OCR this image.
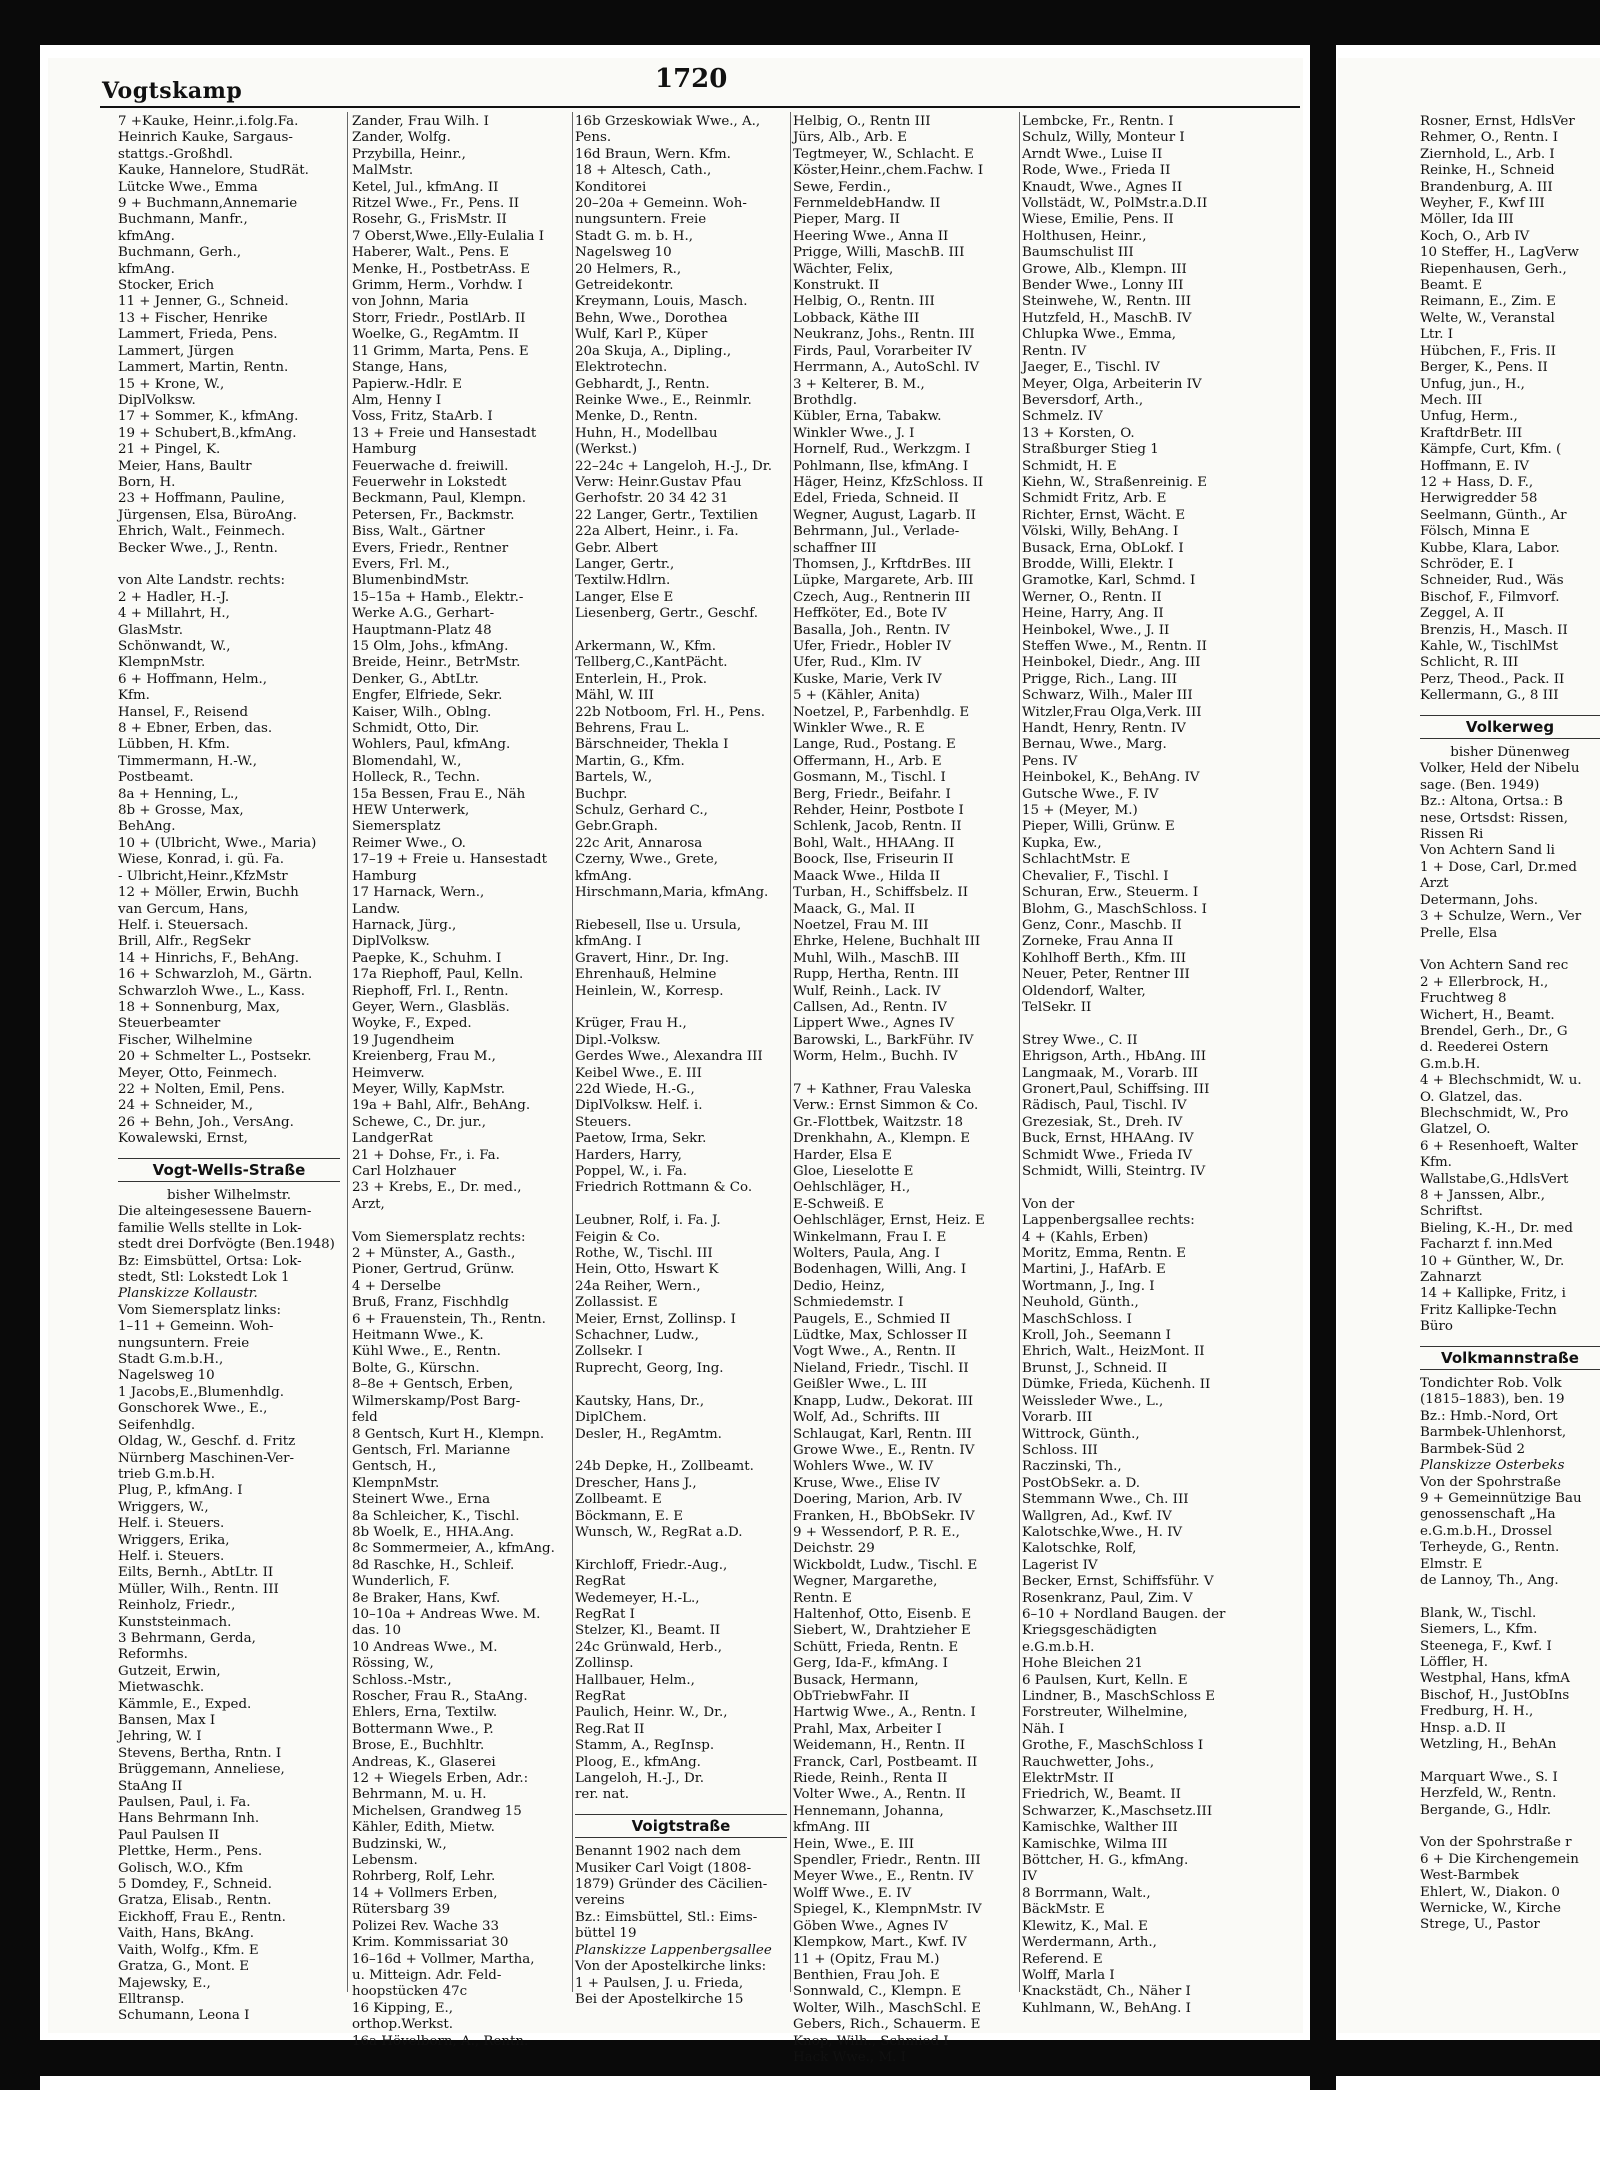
Vogtskamp	1720
7 +Kauke, Heinr.,i.folg.Fa.
Heinrich Kauke, Sargaus-
stattgs.-Großhdl.
Kauke, Hannelore, StudRät.
Lütcke Wwe., Emma
9 + Buchmann,Annemarie
Buchmann, Manfr.,
kfmAng.
Buchmann, Gerh.,
kfmAng.
Stocker, Erich
11 + Jenner, G., Schneid.
13 + Fischer, Henrike
Lammert, Frieda, Pens.
Lammert, Jürgen
Lammert, Martin, Rentn.
15 + Krone, W.,
DiplVolksw.
17 + Sommer, K., kfmAng.
19 + Schubert,B.,kfmAng.
21 + Pingel, K.
Meier, Hans, Baultr
Born, H.
23 + Hoffmann, Pauline,
Jürgensen, Elsa, BüroAng.
Ehrich, Walt., Feinmech.
Becker Wwe., J., Rentn.

von Alte Landstr. rechts:
2 + Hadler, H.-J.
4 + Millahrt, H.,
GlasMstr.
Schönwandt, W.,
KlempnMstr.
6 + Hoffmann, Helm.,
Kfm.
Hansel, F., Reisend
8 + Ebner, Erben, das.
Lübben, H. Kfm.
Timmermann, H.-W.,
Postbeamt.
8a + Henning, L.,
8b + Grosse, Max,
BehAng.
10 + (Ulbricht, Wwe., Maria)
Wiese, Konrad, i. gü. Fa.
- Ulbricht,Heinr.,KfzMstr
12 + Möller, Erwin, Buchh
van Gercum, Hans,
Helf. i. Steuersach.
Brill, Alfr., RegSekr
14 + Hinrichs, F., BehAng.
16 + Schwarzloh, M., Gärtn.
Schwarzloh Wwe., L., Kass.
18 + Sonnenburg, Max,
Steuerbeamter
Fischer, Wilhelmine
20 + Schmelter L., Postsekr.
Meyer, Otto, Feinmech.
22 + Nolten, Emil, Pens.
24 + Schneider, M.,
26 + Behn, Joh., VersAng.
Kowalewski, Ernst,
Vogt-Wells-Straße
bisher Wilhelmstr.
Die alteingesessene Bauern-
familie Wells stellte in Lok-
stedt drei Dorfvögte (Ben.1948)
Bz: Eimsbüttel, Ortsa: Lok-
stedt, Stl: Lokstedt Lok 1
Planskizze Kollaustr.
Vom Siemersplatz links:
1–11 + Gemeinn. Woh-
nungsuntern. Freie
Stadt G.m.b.H.,
Nagelsweg 10
1 Jacobs,E.,Blumenhdlg.
Gonschorek Wwe., E.,
Seifenhdlg.
Oldag, W., Geschf. d. Fritz
Nürnberg Maschinen-Ver-
trieb G.m.b.H.
Plug, P., kfmAng. I
Wriggers, W.,
Helf. i. Steuers.
Wriggers, Erika,
Helf. i. Steuers.
Eilts, Bernh., AbtLtr. II
Müller, Wilh., Rentn. III
Reinholz, Friedr.,
Kunststeinmach.
3 Behrmann, Gerda,
Reformhs.
Gutzeit, Erwin,
Mietwaschk.
Kämmle, E., Exped.
Bansen, Max I
Jehring, W. I
Stevens, Bertha, Rntn. I
Brüggemann, Anneliese,
StaAng II
Paulsen, Paul, i. Fa.
Hans Behrmann Inh.
Paul Paulsen II
Plettke, Herm., Pens.
Golisch, W.O., Kfm
5 Domdey, F., Schneid.
Gratza, Elisab., Rentn.
Eickhoff, Frau E., Rentn.
Vaith, Hans, BkAng.
Vaith, Wolfg., Kfm. E
Gratza, G., Mont. E
Majewsky, E.,
Elltransp.
Schumann, Leona I
Zander, Frau Wilh. I
Zander, Wolfg.
Przybilla, Heinr.,
MalMstr.
Ketel, Jul., kfmAng. II
Ritzel Wwe., Fr., Pens. II
Rosehr, G., FrisMstr. II
7 Oberst,Wwe.,Elly-Eulalia I
Haberer, Walt., Pens. E
Menke, H., PostbetrAss. E
Grimm, Herm., Vorhdw. I
von Johnn, Maria
Storr, Friedr., PostlArb. II
Woelke, G., RegAmtm. II
11 Grimm, Marta, Pens. E
Stange, Hans,
Papierw.-Hdlr. E
Alm, Henny I
Voss, Fritz, StaArb. I
13 + Freie und Hansestadt
Hamburg
Feuerwache d. freiwill.
Feuerwehr in Lokstedt
Beckmann, Paul, Klempn.
Petersen, Fr., Backmstr.
Biss, Walt., Gärtner
Evers, Friedr., Rentner
Evers, Frl. M.,
BlumenbindMstr.
15–15a + Hamb., Elektr.-
Werke A.G., Gerhart-
Hauptmann-Platz 48
15 Olm, Johs., kfmAng.
Breide, Heinr., BetrMstr.
Denker, G., AbtLtr.
Engfer, Elfriede, Sekr.
Kaiser, Wilh., Oblng.
Schmidt, Otto, Dir.
Wohlers, Paul, kfmAng.
Blomendahl, W.,
Holleck, R., Techn.
15a Bessen, Frau E., Näh
HEW Unterwerk,
Siemersplatz
Reimer Wwe., O.
17–19 + Freie u. Hansestadt
Hamburg
17 Harnack, Wern.,
Landw.
Harnack, Jürg.,
DiplVolksw.
Paepke, K., Schuhm. I
17a Riephoff, Paul, Kelln.
Riephoff, Frl. I., Rentn.
Geyer, Wern., Glasbläs.
Woyke, F., Exped.
19 Jugendheim
Kreienberg, Frau M.,
Heimverw.
Meyer, Willy, KapMstr.
19a + Bahl, Alfr., BehAng.
Schewe, C., Dr. jur.,
LandgerRat
21 + Dohse, Fr., i. Fa.
Carl Holzhauer
23 + Krebs, E., Dr. med.,
Arzt,

Vom Siemersplatz rechts:
2 + Münster, A., Gasth.,
Pioner, Gertrud, Grünw.
4 + Derselbe
Bruß, Franz, Fischhdlg
6 + Frauenstein, Th., Rentn.
Heitmann Wwe., K.
Kühl Wwe., E., Rentn.
Bolte, G., Kürschn.
8–8e + Gentsch, Erben,
Wilmerskamp/Post Barg-
feld
8 Gentsch, Kurt H., Klempn.
Gentsch, Frl. Marianne
Gentsch, H.,
KlempnMstr.
Steinert Wwe., Erna
8a Schleicher, K., Tischl.
8b Woelk, E., HHA.Ang.
8c Sommermeier, A., kfmAng.
8d Raschke, H., Schleif.
Wunderlich, F.
8e Braker, Hans, Kwf.
10–10a + Andreas Wwe. M.
das. 10
10 Andreas Wwe., M.
Rössing, W.,
Schloss.-Mstr.,
Roscher, Frau R., StaAng.
Ehlers, Erna, Textilw.
Bottermann Wwe., P.
Brose, E., Buchhltr.
Andreas, K., Glaserei
12 + Wiegels Erben, Adr.:
Behrmann, M. u. H.
Michelsen, Grandweg 15
Kähler, Edith, Mietw.
Budzinski, W.,
Lebensm.
Rohrberg, Rolf, Lehr.
14 + Vollmers Erben,
Rütersbarg 39
Polizei Rev. Wache 33
Krim. Kommissariat 30
16–16d + Vollmer, Martha,
u. Mitteign. Adr. Feld-
hoopstücken 47c
16 Kipping, E.,
orthop.Werkst.
16a Hövelborn, A., Rentn.
16b Grzeskowiak Wwe., A.,
Pens.
16d Braun, Wern. Kfm.
18 + Altesch, Cath.,
Konditorei
20–20a + Gemeinn. Woh-
nungsuntern. Freie
Stadt G. m. b. H.,
Nagelsweg 10
20 Helmers, R.,
Getreidekontr.
Kreymann, Louis, Masch.
Behn, Wwe., Dorothea
Wulf, Karl P., Küper
20a Skuja, A., Dipling.,
Elektrotechn.
Gebhardt, J., Rentn.
Reinke Wwe., E., Reinmlr.
Menke, D., Rentn.
Huhn, H., Modellbau
(Werkst.)
22–24c + Langeloh, H.-J., Dr.
Verw: Heinr.Gustav Pfau
Gerhofstr. 20 34 42 31
22 Langer, Gertr., Textilien
22a Albert, Heinr., i. Fa.
Gebr. Albert
Langer, Gertr.,
Textilw.Hdlrn.
Langer, Else E
Liesenberg, Gertr., Geschf.

Arkermann, W., Kfm.
Tellberg,C.,KantPächt.
Enterlein, H., Prok.
Mähl, W. III
22b Notboom, Frl. H., Pens.
Behrens, Frau L.
Bärschneider, Thekla I
Martin, G., Kfm.
Bartels, W.,
Buchpr.
Schulz, Gerhard C.,
Gebr.Graph.
22c Arit, Annarosa
Czerny, Wwe., Grete,
kfmAng.
Hirschmann,Maria, kfmAng.

Riebesell, Ilse u. Ursula,
kfmAng. I
Gravert, Hinr., Dr. Ing.
Ehrenhauß, Helmine
Heinlein, W., Korresp.

Krüger, Frau H.,
Dipl.-Volksw.
Gerdes Wwe., Alexandra III
Keibel Wwe., E. III
22d Wiede, H.-G.,
DiplVolksw. Helf. i.
Steuers.
Paetow, Irma, Sekr.
Harders, Harry,
Poppel, W., i. Fa.
Friedrich Rottmann & Co.

Leubner, Rolf, i. Fa. J.
Feigin & Co.
Rothe, W., Tischl. III
Hein, Otto, Hswart K
24a Reiher, Wern.,
Zollassist. E
Meier, Ernst, Zollinsp. I
Schachner, Ludw.,
Zollsekr. I
Ruprecht, Georg, Ing.

Kautsky, Hans, Dr.,
DiplChem.
Desler, H., RegAmtm.

24b Depke, H., Zollbeamt.
Drescher, Hans J.,
Zollbeamt. E
Böckmann, E. E
Wunsch, W., RegRat a.D.

Kirchloff, Friedr.-Aug.,
RegRat
Wedemeyer, H.-L.,
RegRat I
Stelzer, Kl., Beamt. II
24c Grünwald, Herb.,
Zollinsp.
Hallbauer, Helm.,
RegRat
Paulich, Heinr. W., Dr.,
Reg.Rat II
Stamm, A., RegInsp.
Ploog, E., kfmAng.
Langeloh, H.-J., Dr.
rer. nat.
Voigtstraße
Benannt 1902 nach dem
Musiker Carl Voigt (1808-
1879) Gründer des Cäcilien-
vereins
Bz.: Eimsbüttel, Stl.: Eims-
büttel 19
Planskizze Lappenbergsallee
Von der Apostelkirche links:
1 + Paulsen, J. u. Frieda,
Bei der Apostelkirche 15
Helbig, O., Rentn III
Jürs, Alb., Arb. E
Tegtmeyer, W., Schlacht. E
Köster,Heinr.,chem.Fachw. I
Sewe, Ferdin.,
FernmeldebHandw. II
Pieper, Marg. II
Heering Wwe., Anna II
Prigge, Willi, MaschB. III
Wächter, Felix,
Konstrukt. II
Helbig, O., Rentn. III
Lobback, Käthe III
Neukranz, Johs., Rentn. III
Firds, Paul, Vorarbeiter IV
Herrmann, A., AutoSchl. IV
3 + Kelterer, B. M.,
Brothdlg.
Kübler, Erna, Tabakw.
Winkler Wwe., J. I
Hornelf, Rud., Werkzgm. I
Pohlmann, Ilse, kfmAng. I
Häger, Heinz, KfzSchloss. II
Edel, Frieda, Schneid. II
Wegner, August, Lagarb. II
Behrmann, Jul., Verlade-
schaffner III
Thomsen, J., KrftdrBes. III
Lüpke, Margarete, Arb. III
Czech, Aug., Rentnerin III
Heffköter, Ed., Bote IV
Basalla, Joh., Rentn. IV
Ufer, Friedr., Hobler IV
Ufer, Rud., Klm. IV
Kuske, Marie, Verk IV
5 + (Kähler, Anita)
Noetzel, P., Farbenhdlg. E
Winkler Wwe., R. E
Lange, Rud., Postang. E
Offermann, H., Arb. E
Gosmann, M., Tischl. I
Berg, Friedr., Beifahr. I
Rehder, Heinr, Postbote I
Schlenk, Jacob, Rentn. II
Bohl, Walt., HHAAng. II
Boock, Ilse, Friseurin II
Maack Wwe., Hilda II
Turban, H., Schiffsbelz. II
Maack, G., Mal. II
Noetzel, Frau M. III
Ehrke, Helene, Buchhalt III
Muhl, Wilh., MaschB. III
Rupp, Hertha, Rentn. III
Wulf, Reinh., Lack. IV
Callsen, Ad., Rentn. IV
Lippert Wwe., Agnes IV
Barowski, L., BarkFühr. IV
Worm, Helm., Buchh. IV

7 + Kathner, Frau Valeska
Verw.: Ernst Simmon & Co.
Gr.-Flottbek, Waitzstr. 18
Drenkhahn, A., Klempn. E
Harder, Elsa E
Gloe, Lieselotte E
Oehlschläger, H.,
E-Schweiß. E
Oehlschläger, Ernst, Heiz. E
Winkelmann, Frau I. E
Wolters, Paula, Ang. I
Bodenhagen, Willi, Ang. I
Dedio, Heinz,
Schmiedemstr. I
Paugels, E., Schmied II
Lüdtke, Max, Schlosser II
Vogt Wwe., A., Rentn. II
Nieland, Friedr., Tischl. II
Geißler Wwe., L. III
Knapp, Ludw., Dekorat. III
Wolf, Ad., Schrifts. III
Schlaugat, Karl, Rentn. III
Growe Wwe., E., Rentn. IV
Wohlers Wwe., W. IV
Kruse, Wwe., Elise IV
Doering, Marion, Arb. IV
Franken, H., BbObSekr. IV
9 + Wessendorf, P. R. E.,
Deichstr. 29
Wickboldt, Ludw., Tischl. E
Wegner, Margarethe,
Rentn. E
Haltenhof, Otto, Eisenb. E
Siebert, W., Drahtzieher E
Schütt, Frieda, Rentn. E
Gerg, Ida-F., kfmAng. I
Busack, Hermann,
ObTriebwFahr. II
Hartwig Wwe., A., Rentn. I
Prahl, Max, Arbeiter I
Weidemann, H., Rentn. II
Franck, Carl, Postbeamt. II
Riede, Reinh., Renta II
Volter Wwe., A., Rentn. II
Hennemann, Johanna,
kfmAng. III
Hein, Wwe., E. III
Spendler, Friedr., Rentn. III
Meyer Wwe., E., Rentn. IV
Wolff Wwe., E. IV
Spiegel, K., KlempnMstr. IV
Göben Wwe., Agnes IV
Klempkow, Mart., Kwf. IV
11 + (Opitz, Frau M.)
Benthien, Frau Joh. E
Sonnwald, C., Klempn. E
Wolter, Wilh., MaschSchl. E
Gebers, Rich., Schauerm. E
Knop, Wilh., Schmied I
Hack Wwe., M. I
Lembcke, Fr., Rentn. I
Schulz, Willy, Monteur I
Arndt Wwe., Luise II
Rode, Wwe., Frieda II
Knaudt, Wwe., Agnes II
Vollstädt, W., PolMstr.a.D.II
Wiese, Emilie, Pens. II
Holthusen, Heinr.,
Baumschulist III
Growe, Alb., Klempn. III
Bender Wwe., Lonny III
Steinwehe, W., Rentn. III
Hutzfeld, H., MaschB. IV
Chlupka Wwe., Emma,
Rentn. IV
Jaeger, E., Tischl. IV
Meyer, Olga, Arbeiterin IV
Beversdorf, Arth.,
Schmelz. IV
13 + Korsten, O.
Straßburger Stieg 1
Schmidt, H. E
Kiehn, W., Straßenreinig. E
Schmidt Fritz, Arb. E
Richter, Ernst, Wächt. E
Völski, Willy, BehAng. I
Busack, Erna, ObLokf. I
Brodde, Willi, Elektr. I
Gramotke, Karl, Schmd. I
Werner, O., Rentn. II
Heine, Harry, Ang. II
Heinbokel, Wwe., J. II
Steffen Wwe., M., Rentn. II
Heinbokel, Diedr., Ang. III
Prigge, Rich., Lang. III
Schwarz, Wilh., Maler III
Witzler,Frau Olga,Verk. III
Handt, Henry, Rentn. IV
Bernau, Wwe., Marg.
Pens. IV
Heinbokel, K., BehAng. IV
Gutsche Wwe., F. IV
15 + (Meyer, M.)
Pieper, Willi, Grünw. E
Kupka, Ew.,
SchlachtMstr. E
Chevalier, F., Tischl. I
Schuran, Erw., Steuerm. I
Blohm, G., MaschSchloss. I
Genz, Conr., Maschb. II
Zorneke, Frau Anna II
Kohlhoff Berth., Kfm. III
Neuer, Peter, Rentner III
Oldendorf, Walter,
TelSekr. II

Strey Wwe., C. II
Ehrigson, Arth., HbAng. III
Langmaak, M., Vorarb. III
Gronert,Paul, Schiffsing. III
Rädisch, Paul, Tischl. IV
Grezesiak, St., Dreh. IV
Buck, Ernst, HHAAng. IV
Schmidt Wwe., Frieda IV
Schmidt, Willi, Steintrg. IV

Von der
Lappenbergsallee rechts:
4 + (Kahls, Erben)
Moritz, Emma, Rentn. E
Martini, J., HafArb. E
Wortmann, J., Ing. I
Neuhold, Günth.,
MaschSchloss. I
Kroll, Joh., Seemann I
Ehrich, Walt., HeizMont. II
Brunst, J., Schneid. II
Dümke, Frieda, Küchenh. II
Weissleder Wwe., L.,
Vorarb. III
Wittrock, Günth.,
Schloss. III
Raczinski, Th.,
PostObSekr. a. D.
Stemmann Wwe., Ch. III
Wallgren, Ad., Kwf. IV
Kalotschke,Wwe., H. IV
Kalotschke, Rolf,
Lagerist IV
Becker, Ernst, Schiffsführ. V
Rosenkranz, Paul, Zim. V
6–10 + Nordland Baugen. der
Kriegsgeschädigten
e.G.m.b.H.
Hohe Bleichen 21
6 Paulsen, Kurt, Kelln. E
Lindner, B., MaschSchloss E
Forstreuter, Wilhelmine,
Näh. I
Grothe, F., MaschSchloss I
Rauchwetter, Johs.,
ElektrMstr. II
Friedrich, W., Beamt. II
Schwarzer, K.,Maschsetz.III
Kamischke, Walther III
Kamischke, Wilma III
Böttcher, H. G., kfmAng.
IV
8 Borrmann, Walt.,
BäckMstr. E
Klewitz, K., Mal. E
Werdermann, Arth.,
Referend. E
Wolff, Marla I
Knackstädt, Ch., Näher I
Kuhlmann, W., BehAng. I
Rosner, Ernst, HdlsVer
Rehmer, O., Rentn. I
Ziernhold, L., Arb. I
Reinke, H., Schneid
Brandenburg, A. III
Weyher, F., Kwf III
Möller, Ida III
Koch, O., Arb IV
10 Steffer, H., LagVerw
Riepenhausen, Gerh.,
Beamt. E
Reimann, E., Zim. E
Welte, W., Veranstal
Ltr. I
Hübchen, F., Fris. II
Berger, K., Pens. II
Unfug, jun., H.,
Mech. III
Unfug, Herm.,
KraftdrBetr. III
Kämpfe, Curt, Kfm. (
Hoffmann, E. IV
12 + Hass, D. F.,
Herwigredder 58
Seelmann, Günth., Ar
Fölsch, Minna E
Kubbe, Klara, Labor.
Schröder, E. I
Schneider, Rud., Wäs
Bischof, F., Filmvorf.
Zeggel, A. II
Brenzis, H., Masch. II
Kahle, W., TischlMst
Schlicht, R. III
Perz, Theod., Pack. II
Kellermann, G., 8 III
Volkerweg
bisher Dünenweg
Volker, Held der Nibelu
sage. (Ben. 1949)
Bz.: Altona, Ortsa.: B
nese, Ortsdst: Rissen,
Rissen Ri
Von Achtern Sand li
1 + Dose, Carl, Dr.med
Arzt
Determann, Johs.
3 + Schulze, Wern., Ver
Prelle, Elsa

Von Achtern Sand rec
2 + Ellerbrock, H.,
Fruchtweg 8
Wichert, H., Beamt.
Brendel, Gerh., Dr., G
d. Reederei Ostern
G.m.b.H.
4 + Blechschmidt, W. u.
O. Glatzel, das.
Blechschmidt, W., Pro
Glatzel, O.
6 + Resenhoeft, Walter
Kfm.
Wallstabe,G.,HdlsVert
8 + Janssen, Albr.,
Schriftst.
Bieling, K.-H., Dr. med
Facharzt f. inn.Med
10 + Günther, W., Dr.
Zahnarzt
14 + Kallipke, Fritz, i
Fritz Kallipke-Techn
Büro
Volkmannstraße
Tondichter Rob. Volk
(1815–1883), ben. 19
Bz.: Hmb.-Nord, Ort
Barmbek-Uhlenhorst,
Barmbek-Süd 2
Planskizze Osterbeks
Von der Spohrstraße
9 + Gemeinnützige Bau
genossenschaft „Ha
e.G.m.b.H., Drossel
Terheyde, G., Rentn.
Elmstr. E
de Lannoy, Th., Ang.

Blank, W., Tischl.
Siemers, L., Kfm.
Steenega, F., Kwf. I
Löffler, H.
Westphal, Hans, kfmA
Bischof, H., JustObIns
Fredburg, H. H.,
Hnsp. a.D. II
Wetzling, H., BehAn

Marquart Wwe., S. I
Herzfeld, W., Rentn.
Bergande, G., Hdlr.

Von der Spohrstraße r
6 + Die Kirchengemein
West-Barmbek
Ehlert, W., Diakon. 0
Wernicke, W., Kirche
Strege, U., Pastor
